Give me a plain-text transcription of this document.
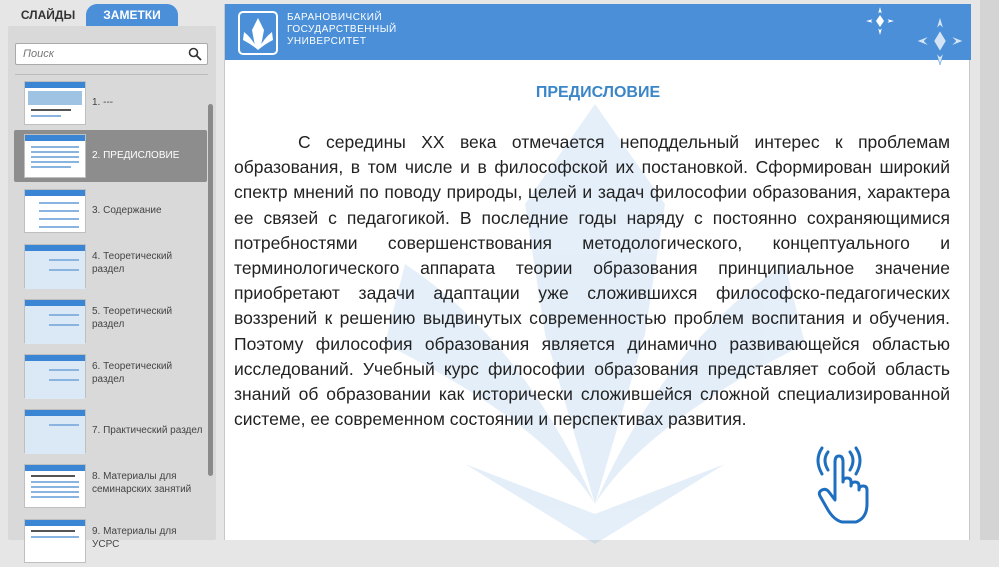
СЛАЙДЫ	ЗАМЕТКИ
Поиск
1. ---
2. ПРЕДИСЛОВИЕ
3. Содержание
4. Теоретический раздел
5. Теоретический раздел
6. Теоретический раздел
7. Практический раздел
8. Материалы для семинарских занятий
9. Материалы для УСРС
БАРАНОВИЧСКИЙ
ГОСУДАРСТВЕННЫЙ
УНИВЕРСИТЕТ
ПРЕДИСЛОВИЕ
С середины XX века отмечается неподдельный интерес к проблемам образования, в том числе и в философской их постановкой. Сформирован широкий спектр мнений по поводу природы, целей и задач философии образования, характера ее связей с педагогикой. В последние годы наряду с постоянно сохраняющимися потребностями совершенствования методологического, концептуального и терминологического аппарата теории образования принципиальное значение приобретают задачи адаптации уже сложившихся философско-педагогических воззрений к решению выдвинутых современностью проблем воспитания и обучения. Поэтому философия образования является динамично развивающейся областью исследований. Учебный курс философии образования представляет собой область знаний об образовании как исторически сложившейся сложной специализированной системе, ее современном состоянии и перспективах развития.
